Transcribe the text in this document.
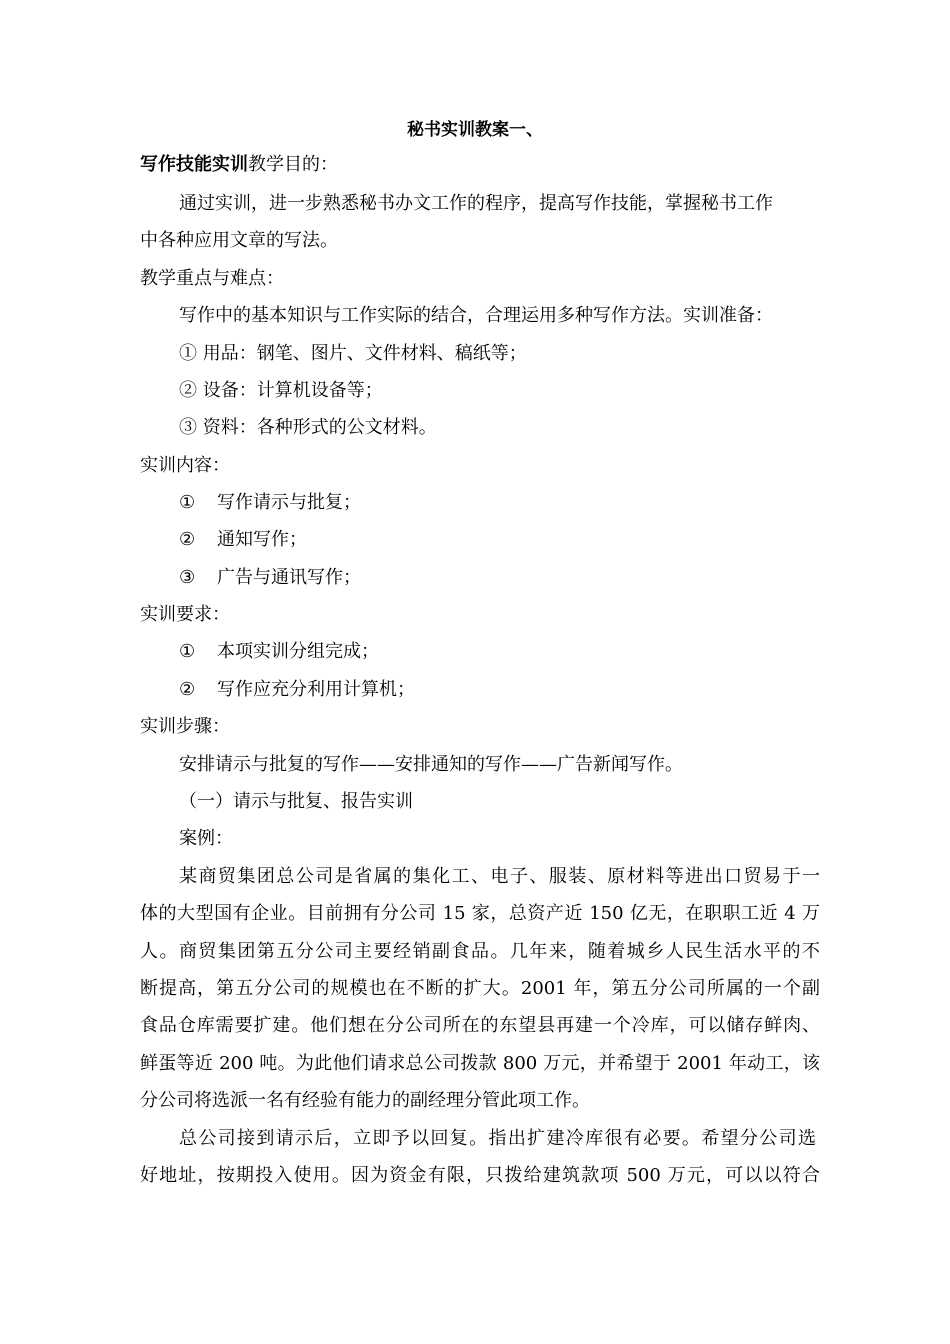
秘书实训教案一、
写作技能实训教学目的：
通过实训，进一步熟悉秘书办文工作的程序，提高写作技能，掌握秘书工作
中各种应用文章的写法。
教学重点与难点：
写作中的基本知识与工作实际的结合，合理运用多种写作方法。实训准备：
① 用品：钢笔、图片、文件材料、稿纸等；
② 设备：计算机设备等；
③ 资料：各种形式的公文材料。
实训内容：
① 写作请示与批复；
② 通知写作；
③ 广告与通讯写作；
实训要求：
① 本项实训分组完成；
② 写作应充分利用计算机；
实训步骤：
安排请示与批复的写作——安排通知的写作——广告新闻写作。
（一）请示与批复、报告实训
案例：
某商贸集团总公司是省属的集化工、电子、服装、原材料等进出口贸易于一
体的大型国有企业。目前拥有分公司 15 家，总资产近 150 亿无，在职职工近 4 万
人。商贸集团第五分公司主要经销副食品。几年来，随着城乡人民生活水平的不
断提高，第五分公司的规模也在不断的扩大。2001 年，第五分公司所属的一个副
食品仓库需要扩建。他们想在分公司所在的东望县再建一个冷库，可以储存鲜肉、
鲜蛋等近 200 吨。为此他们请求总公司拨款 800 万元，并希望于 2001 年动工，该
分公司将选派一名有经验有能力的副经理分管此项工作。
总公司接到请示后，立即予以回复。指出扩建冷库很有必要。希望分公司选
好地址，按期投入使用。因为资金有限，只拨给建筑款项 500 万元，可以以符合
